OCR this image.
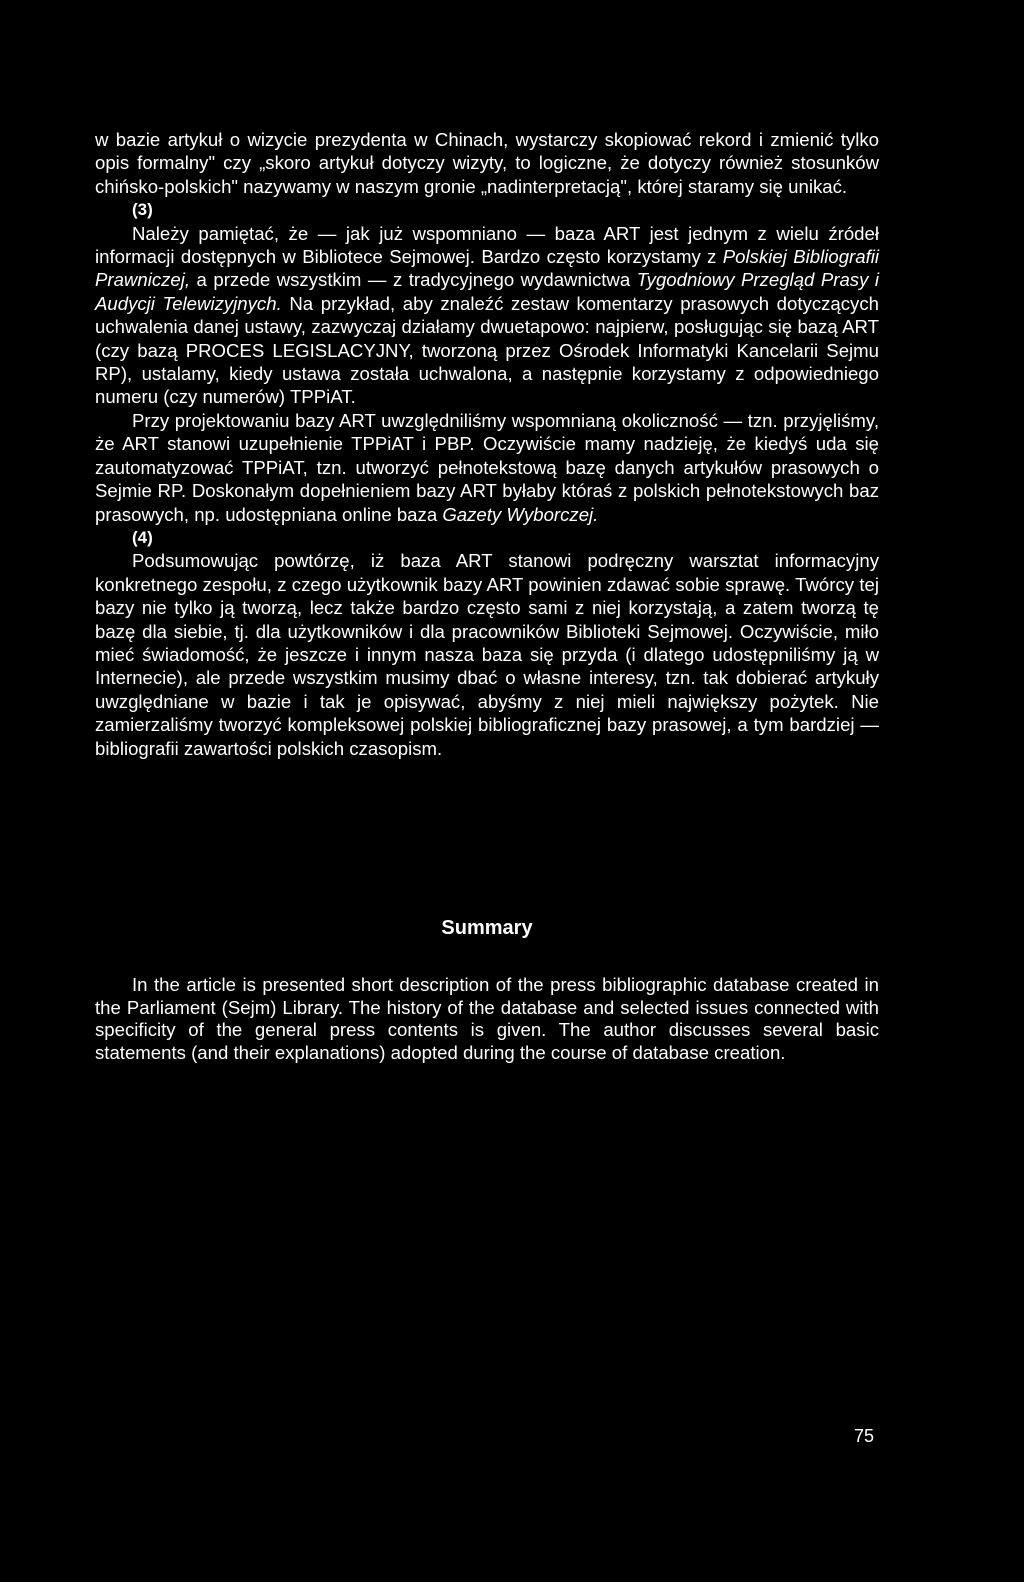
w bazie artykuł o wizycie prezydenta w Chinach, wystarczy skopiować rekord i zmienić tylko opis formalny" czy „skoro artykuł dotyczy wizyty, to logiczne, że dotyczy również stosunków chińsko-polskich" nazywamy w naszym gronie „nadinterpretacją", której staramy się unikać.

(3)

Należy pamiętać, że — jak już wspomniano — baza ART jest jednym z wielu źródeł informacji dostępnych w Bibliotece Sejmowej. Bardzo często korzystamy z Polskiej Bibliografii Prawniczej, a przede wszystkim — z tradycyjnego wydawnictwa Tygodniowy Przegląd Prasy i Audycji Telewizyjnych. Na przykład, aby znaleźć zestaw komentarzy prasowych dotyczących uchwalenia danej ustawy, zazwyczaj działamy dwuetapowo: najpierw, posługując się bazą ART (czy bazą PROCES LEGISLACYJNY, tworzoną przez Ośrodek Informatyki Kancelarii Sejmu RP), ustalamy, kiedy ustawa została uchwalona, a następnie korzystamy z odpowiedniego numeru (czy numerów) TPPiAT.

Przy projektowaniu bazy ART uwzględniliśmy wspomnianą okoliczność — tzn. przyjęliśmy, że ART stanowi uzupełnienie TPPiAT i PBP. Oczywiście mamy nadzieję, że kiedyś uda się zautomatyzować TPPiAT, tzn. utworzyć pełnotekstową bazę danych artykułów prasowych o Sejmie RP. Doskonałym dopełnieniem bazy ART byłaby któraś z polskich pełnotekstowych baz prasowych, np. udostępniana online baza Gazety Wyborczej.

(4)

Podsumowując powtórzę, iż baza ART stanowi podręczny warsztat informacyjny konkretnego zespołu, z czego użytkownik bazy ART powinien zdawać sobie sprawę. Twórcy tej bazy nie tylko ją tworzą, lecz także bardzo często sami z niej korzystają, a zatem tworzą tę bazę dla siebie, tj. dla użytkowników i dla pracowników Biblioteki Sejmowej. Oczywiście, miło mieć świadomość, że jeszcze i innym nasza baza się przyda (i dlatego udostępniliśmy ją w Internecie), ale przede wszystkim musimy dbać o własne interesy, tzn. tak dobierać artykuły uwzględniane w bazie i tak je opisywać, abyśmy z niej mieli największy pożytek. Nie zamierzaliśmy tworzyć kompleksowej polskiej bibliograficznej bazy prasowej, a tym bardziej — bibliografii zawartości polskich czasopism.

Summary

In the article is presented short description of the press bibliographic database created in the Parliament (Sejm) Library. The history of the database and selected issues connected with specificity of the general press contents is given. The author discusses several basic statements (and their explanations) adopted during the course of database creation.

75
